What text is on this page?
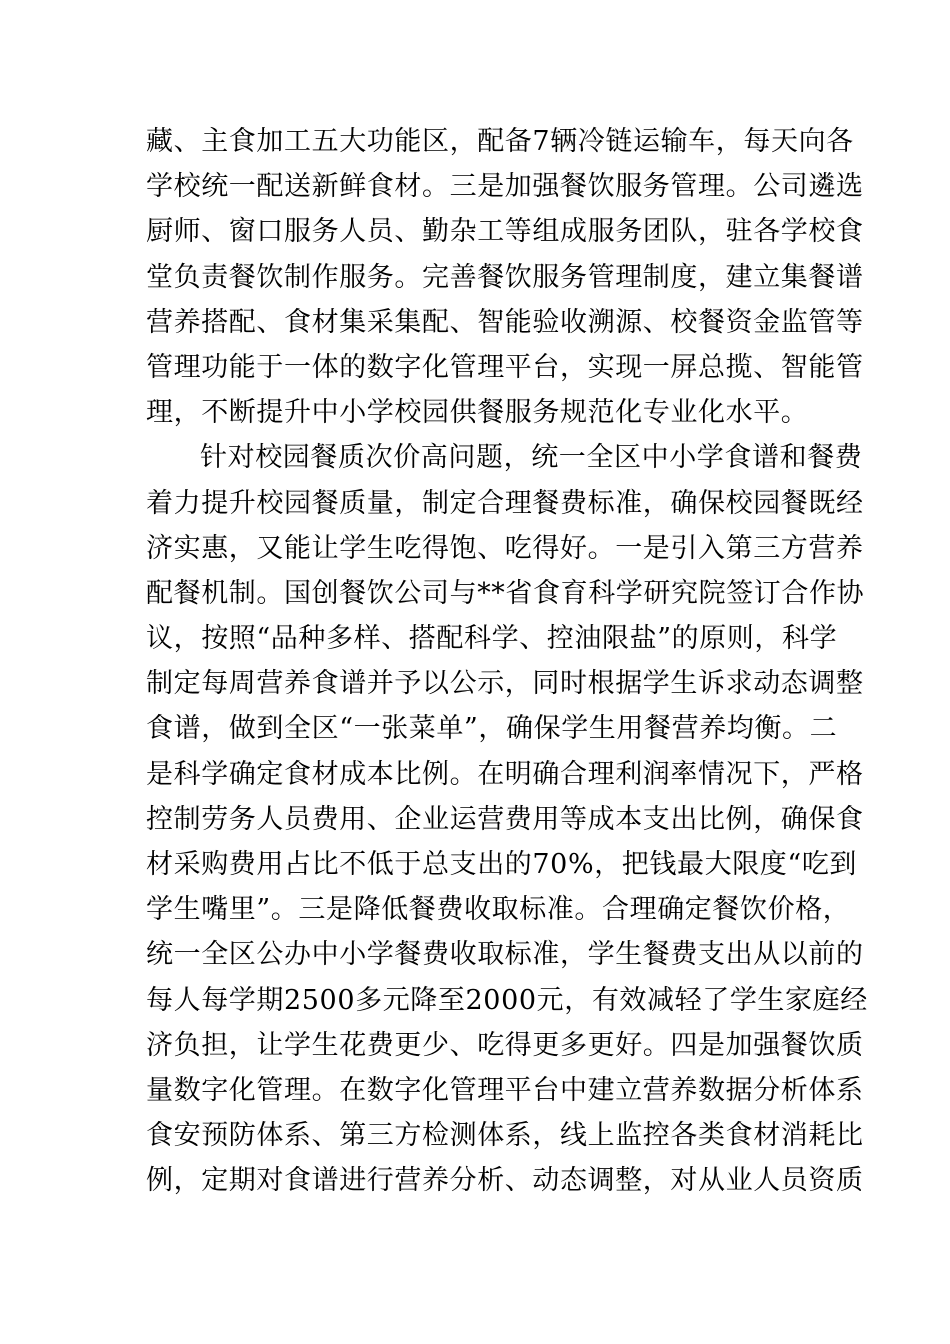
藏、主食加工五大功能区，配备7辆冷链运输车，每天向各
学校统一配送新鲜食材。三是加强餐饮服务管理。公司遴选
厨师、窗口服务人员、勤杂工等组成服务团队，驻各学校食
堂负责餐饮制作服务。完善餐饮服务管理制度，建立集餐谱
营养搭配、食材集采集配、智能验收溯源、校餐资金监管等
管理功能于一体的数字化管理平台，实现一屏总揽、智能管
理，不断提升中小学校园供餐服务规范化专业化水平。
针对校园餐质次价高问题，统一全区中小学食谱和餐费
着力提升校园餐质量，制定合理餐费标准，确保校园餐既经
济实惠，又能让学生吃得饱、吃得好。一是引入第三方营养
配餐机制。国创餐饮公司与**省食育科学研究院签订合作协
议，按照“品种多样、搭配科学、控油限盐”的原则，科学
制定每周营养食谱并予以公示，同时根据学生诉求动态调整
食谱，做到全区“一张菜单”，确保学生用餐营养均衡。二
是科学确定食材成本比例。在明确合理利润率情况下，严格
控制劳务人员费用、企业运营费用等成本支出比例，确保食
材采购费用占比不低于总支出的70%，把钱最大限度“吃到
学生嘴里”。三是降低餐费收取标准。合理确定餐饮价格，
统一全区公办中小学餐费收取标准，学生餐费支出从以前的
每人每学期2500多元降至2000元，有效减轻了学生家庭经
济负担，让学生花费更少、吃得更多更好。四是加强餐饮质
量数字化管理。在数字化管理平台中建立营养数据分析体系
食安预防体系、第三方检测体系，线上监控各类食材消耗比
例，定期对食谱进行营养分析、动态调整，对从业人员资质
